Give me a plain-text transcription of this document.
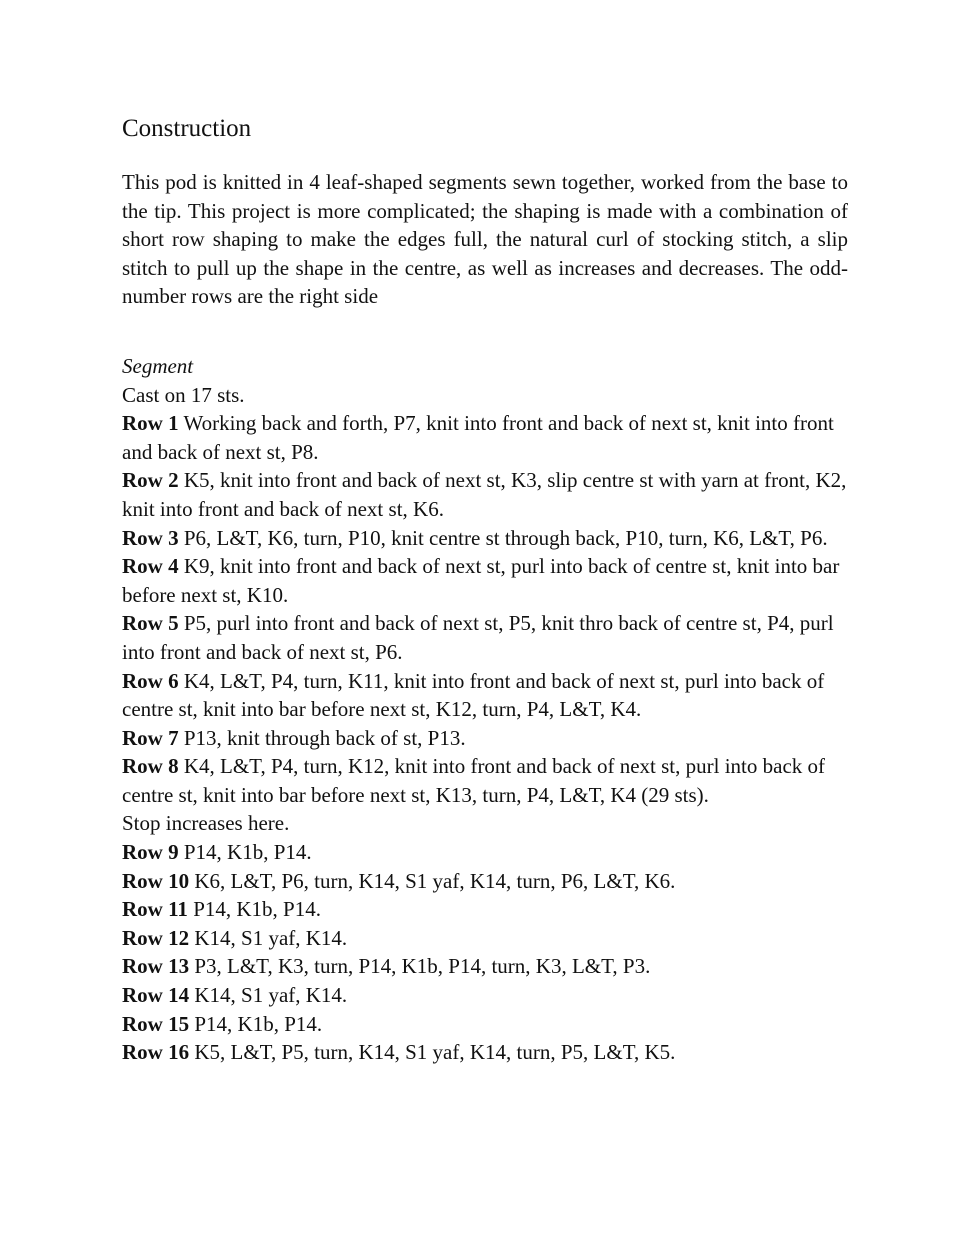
Construction

This pod is knitted in 4 leaf-shaped segments sewn together, worked from the base to the tip. This project is more complicated; the shaping is made with a combination of short row shaping to make the edges full, the natural curl of stocking stitch, a slip stitch to pull up the shape in the centre, as well as increases and decreases. The odd-number rows are the right side

Segment

Cast on 17 sts.

Row 1 Working back and forth, P7, knit into front and back of next st, knit into front and back of next st, P8.

Row 2 K5, knit into front and back of next st, K3, slip centre st with yarn at front, K2, knit into front and back of next st, K6.

Row 3 P6, L&T, K6, turn, P10, knit centre st through back, P10, turn, K6, L&T, P6.

Row 4 K9, knit into front and back of next st, purl into back of centre st, knit into bar before next st, K10.

Row 5 P5, purl into front and back of next st, P5, knit thro back of centre st, P4, purl into front and back of next st, P6.

Row 6 K4, L&T, P4, turn, K11, knit into front and back of next st, purl into back of centre st, knit into bar before next st, K12, turn, P4, L&T, K4.

Row 7 P13, knit through back of st, P13.

Row 8 K4, L&T, P4, turn, K12, knit into front and back of next st, purl into back of centre st, knit into bar before next st, K13, turn, P4, L&T, K4 (29 sts).

Stop increases here.

Row 9 P14, K1b, P14.

Row 10 K6, L&T, P6, turn, K14, S1 yaf, K14, turn, P6, L&T, K6.

Row 11 P14, K1b, P14.

Row 12 K14, S1 yaf, K14.

Row 13 P3, L&T, K3, turn, P14, K1b, P14, turn, K3, L&T, P3.

Row 14 K14, S1 yaf, K14.

Row 15 P14, K1b, P14.

Row 16 K5, L&T, P5, turn, K14, S1 yaf, K14, turn, P5, L&T, K5.
